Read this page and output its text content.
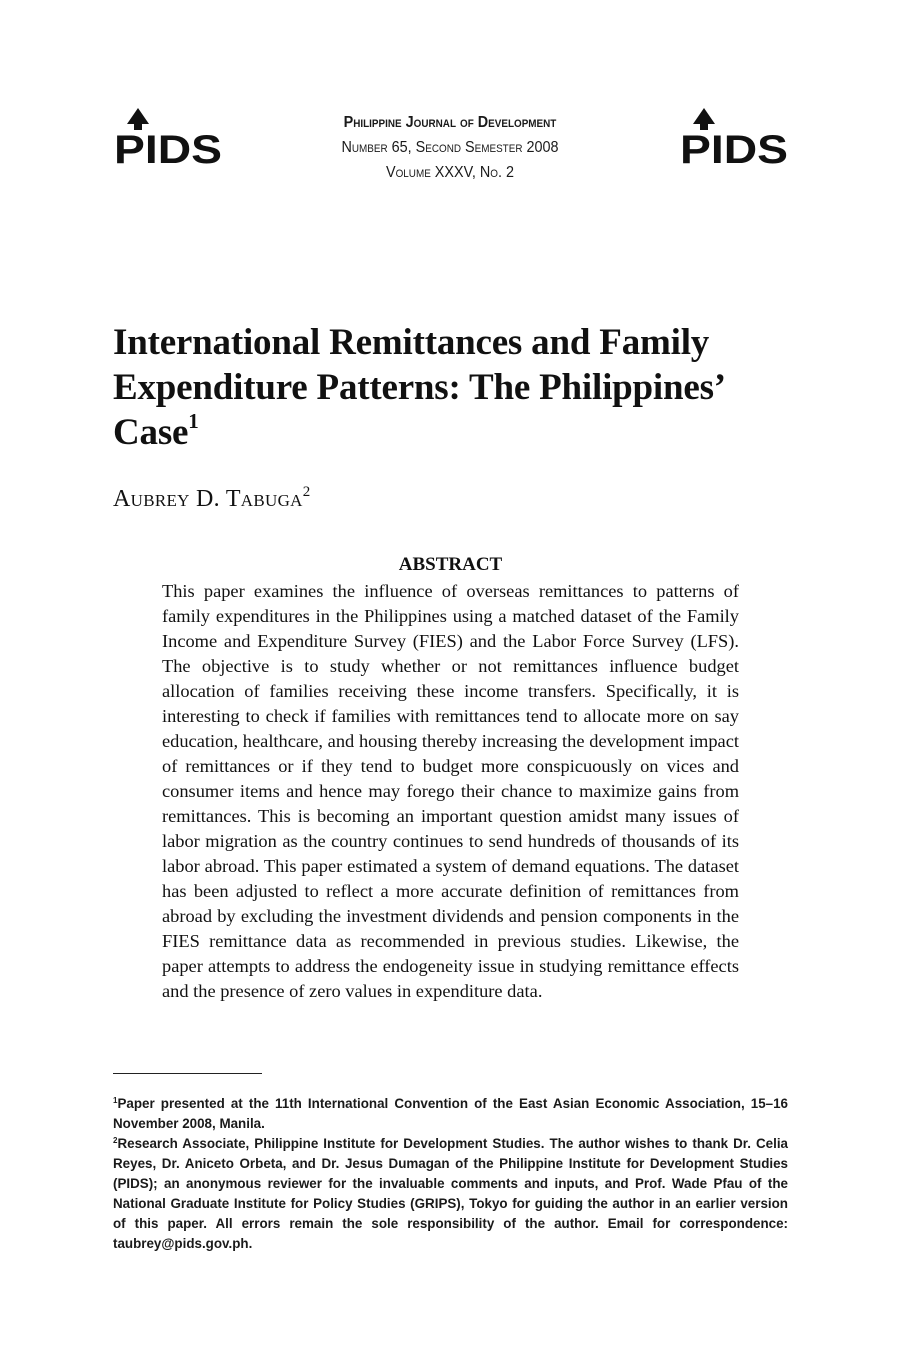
PIDS
Philippine Journal of Development
Number 65, Second Semester 2008
Volume XXXV, No. 2
PIDS
International Remittances and Family Expenditure Patterns: The Philippines’ Case$^1$
Aubrey D. Tabuga$^2$
ABSTRACT

This paper examines the influence of overseas remittances to patterns of family expenditures in the Philippines using a matched dataset of the Family Income and Expenditure Survey (FIES) and the Labor Force Survey (LFS). The objective is to study whether or not remittances influence budget allocation of families receiving these income transfers. Specifically, it is interesting to check if families with remittances tend to allocate more on say education, healthcare, and housing thereby increasing the development impact of remittances or if they tend to budget more conspicuously on vices and consumer items and hence may forego their chance to maximize gains from remittances. This is becoming an important question amidst many issues of labor migration as the country continues to send hundreds of thousands of its labor abroad. This paper estimated a system of demand equations. The dataset has been adjusted to reflect a more accurate definition of remittances from abroad by excluding the investment dividends and pension components in the FIES remittance data as recommended in previous studies. Likewise, the paper attempts to address the endogeneity issue in studying remittance effects and the presence of zero values in expenditure data.

$^1$Paper presented at the 11th International Convention of the East Asian Economic Association, 15–16 November 2008, Manila.

$^2$Research Associate, Philippine Institute for Development Studies. The author wishes to thank Dr. Celia Reyes, Dr. Aniceto Orbeta, and Dr. Jesus Dumagan of the Philippine Institute for Development Studies (PIDS); an anonymous reviewer for the invaluable comments and inputs, and Prof. Wade Pfau of the National Graduate Institute for Policy Studies (GRIPS), Tokyo for guiding the author in an earlier version of this paper. All errors remain the sole responsibility of the author. Email for correspondence: taubrey@pids.gov.ph.
